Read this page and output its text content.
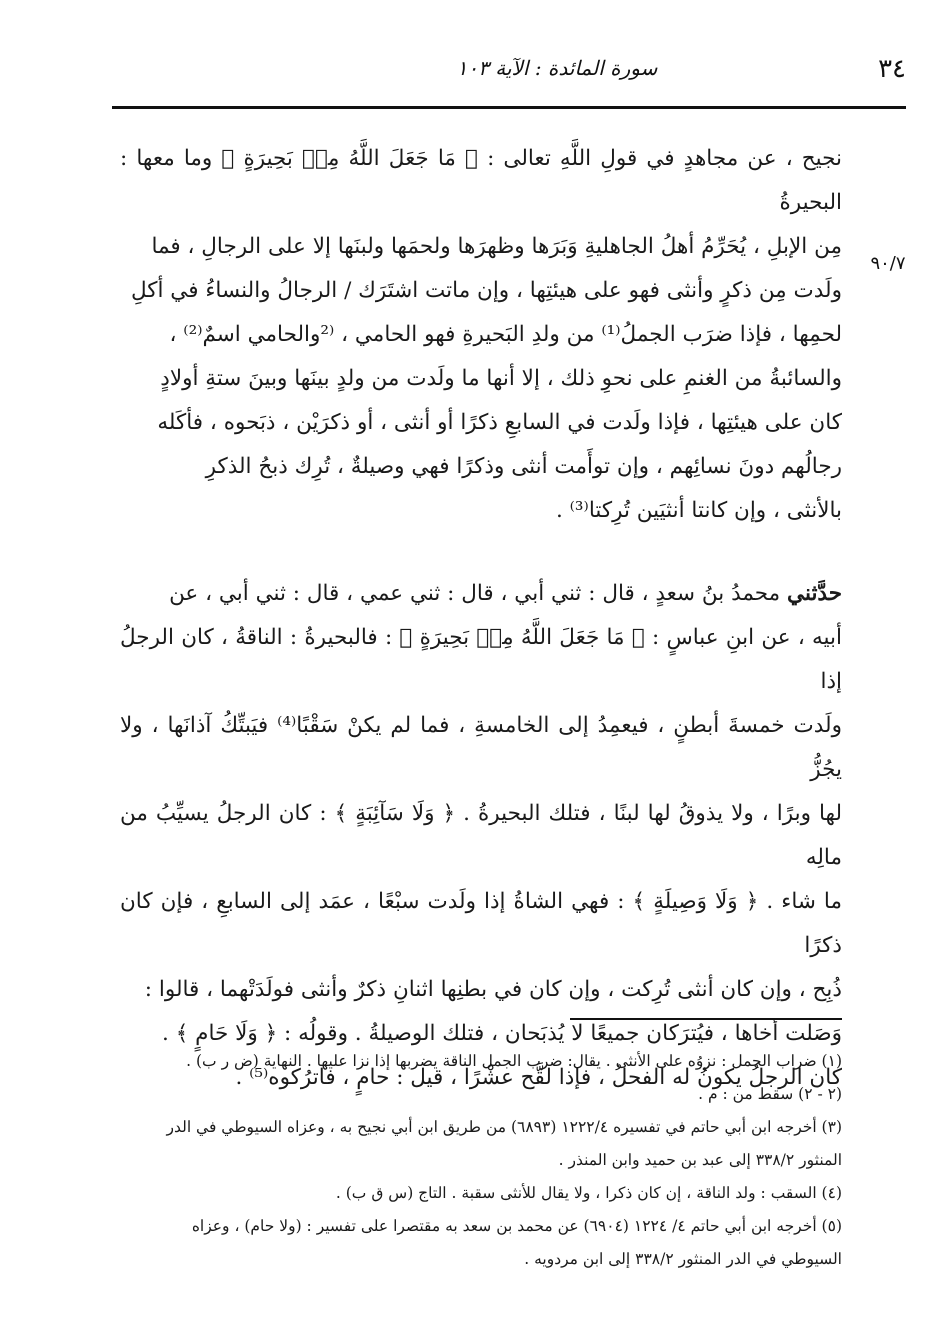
٣٤
سورة المائدة : الآية ١٠٣
٩٠/٧

نجيح ، عن مجاهدٍ في قولِ اللَّهِ تعالى : ﴿ مَا جَعَلَ اللَّهُ مِنۢ بَحِيرَةٍ ﴾ وما معها : البحيرةُ

مِن الإبلِ ، يُحَرِّمُ أهلُ الجاهليةِ وَبَرَها وظهرَها ولحمَها ولبنَها إلا على الرجالِ ، فما

ولَدت مِن ذكرٍ وأنثى فهو على هيئتِها ، وإن ماتت اشتَرَك / الرجالُ والنساءُ في أكلِ

لحمِها ، فإذا ضرَب الجملُ⁽¹⁾ من ولدِ البَحيرةِ فهو الحامي ، ⁽²والحامي اسمٌ⁽²⁾ ،

والسائبةُ من الغنمِ على نحوِ ذلك ، إلا أنها ما ولَدت من ولدٍ بينَها وبينَ ستةِ أولادٍ

كان على هيئتِها ، فإذا ولَدت في السابعِ ذكرًا أو أنثى ، أو ذكرَيْن ، ذبَحوه ، فأكَله

رجالُهم دونَ نسائِهم ، وإن توأَمت أنثى وذكرًا فهي وصيلةٌ ، تُرِك ذبحُ الذكرِ

بالأنثى ، وإن كانتا أنثيَين تُرِكتا⁽³⁾ .

حدَّثني محمدُ بنُ سعدٍ ، قال : ثني أبي ، قال : ثني عمي ، قال : ثني أبي ، عن

أبيه ، عن ابنِ عباسٍ : ﴿ مَا جَعَلَ اللَّهُ مِنۢ بَحِيرَةٍ ﴾ : فالبحيرةُ : الناقةُ ، كان الرجلُ إذا

ولَدت خمسةَ أبطنٍ ، فيعمِدُ إلى الخامسةِ ، فما لم يكنْ سَقْبًا⁽⁴⁾ فيَبتِّكُ آذانَها ، ولا يجُزُّ

لها وبرًا ، ولا يذوقُ لها لبنًا ، فتلك البحيرةُ . ﴿ وَلَا سَآئِبَةٍ ﴾ : كان الرجلُ يسيِّبُ من مالِه

ما شاء . ﴿ وَلَا وَصِيلَةٍ ﴾ : فهي الشاةُ إذا ولَدت سبْعًا ، عمَد إلى السابعِ ، فإن كان ذكرًا

ذُبِح ، وإن كان أنثى تُرِكت ، وإن كان في بطنِها اثنانِ ذكرٌ وأنثى فولَدَتْهما ، قالوا :

وَصَلت أخاها ، فيُترَكان جميعًا لا يُذبَحان ، فتلك الوصيلةُ . وقولُه : ﴿ وَلَا حَامٍ ﴾ .

كان الرجلُ يكونُ له الفحلُ ، فإذا لقَّح عشْرًا ، قيل : حامٍ ، فاترُكوه⁽⁵⁾ .

(١) ضراب الجمل : نزوُه على الأنثى . يقال: ضرب الجمل الناقة يضربها إذا نزا عليها . النهاية (ض ر ب) .

(٢ - ٢) سقط من : م .

(٣) أخرجه ابن أبي حاتم في تفسيره ١٢٢٢/٤ (٦٨٩٣) من طريق ابن أبي نجيح به ، وعزاه السيوطي في الدر

المنثور ٣٣٨/٢ إلى عبد بن حميد وابن المنذر .

(٤) السقب : ولد الناقة ، إن كان ذكرا ، ولا يقال للأنثى سقبة . التاج (س ق ب) .

(٥) أخرجه ابن أبي حاتم ٤/ ١٢٢٤ (٦٩٠٤) عن محمد بن سعد به مقتصرا على تفسير : (ولا حام) ، وعزاه

السيوطي في الدر المنثور ٣٣٨/٢ إلى ابن مردويه .
